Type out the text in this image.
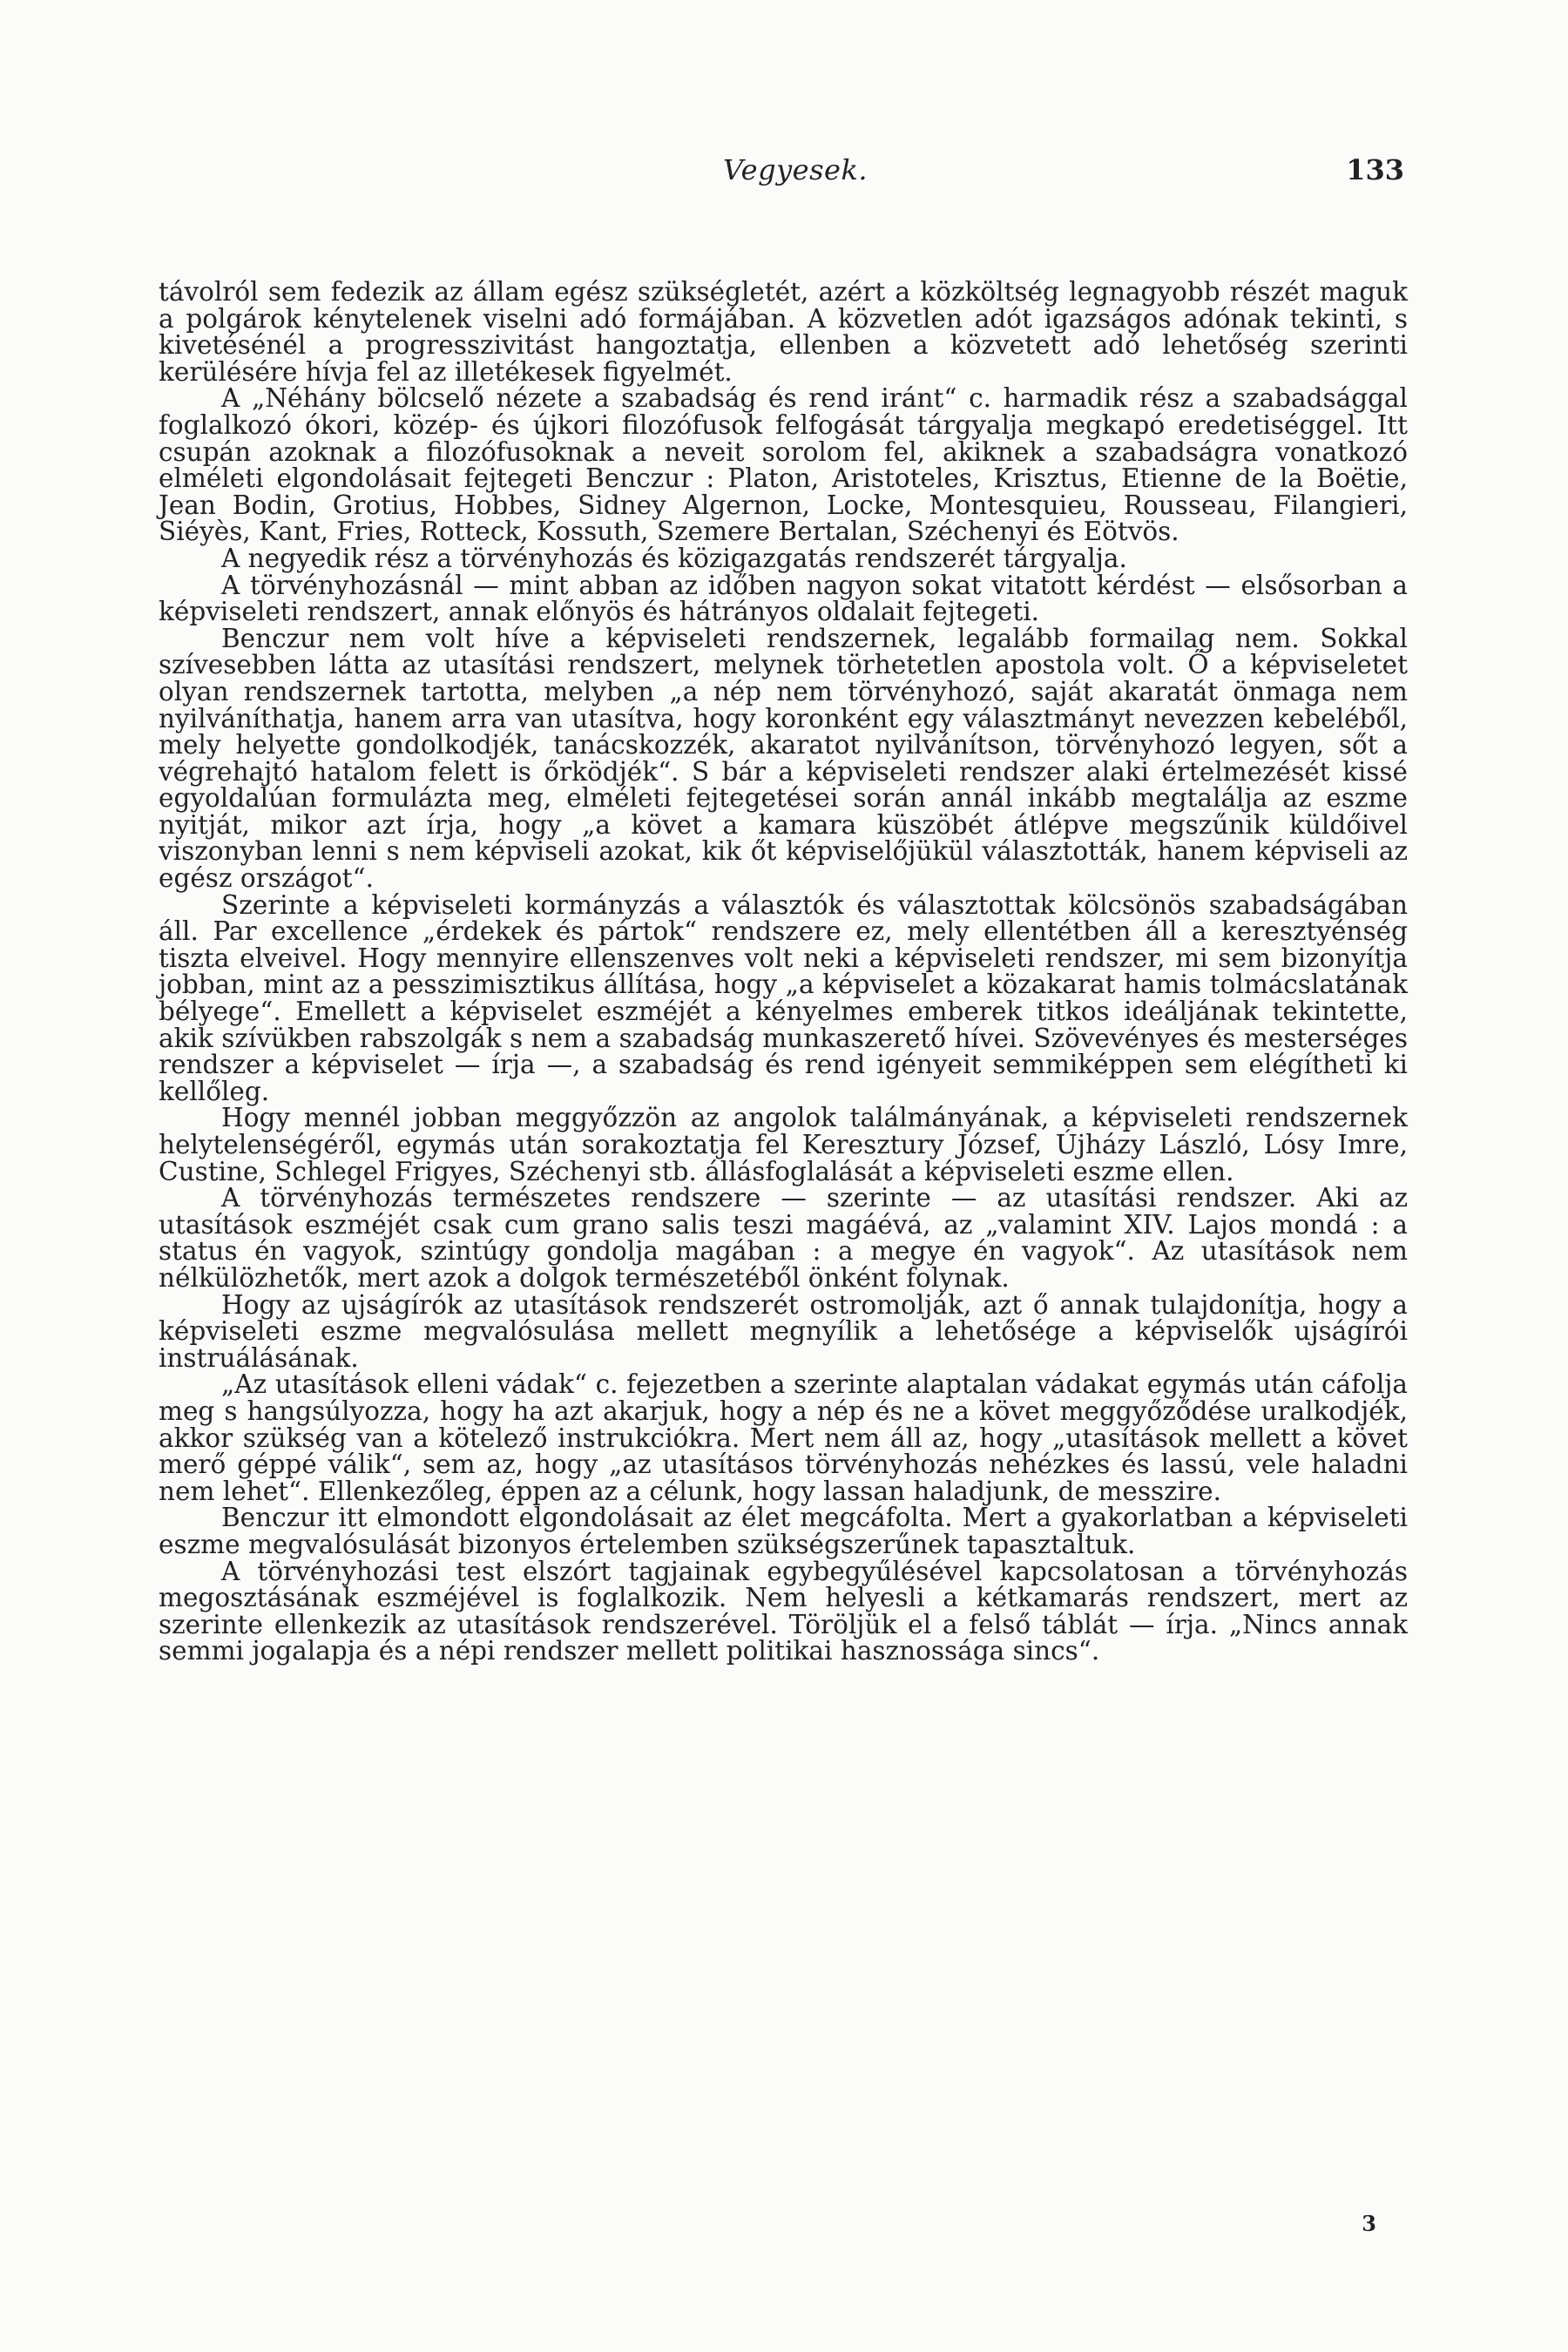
Vegyesek.	133

távolról sem fedezik az állam egész szükségletét, azért a közköltség legnagyobb részét maguk a polgárok kénytelenek viselni adó formájában. A közvetlen adót igazságos adónak tekinti, s kivetésénél a progresszivitást hangoztatja, ellenben a közvetett adó lehetőség szerinti kerülésére hívja fel az illetékesek figyelmét.

A „Néhány bölcselő nézete a szabadság és rend iránt“ c. harmadik rész a szabadsággal foglalkozó ókori, közép- és újkori filozófusok felfogását tárgyalja megkapó eredetiséggel. Itt csupán azoknak a filozófusoknak a neveit sorolom fel, akiknek a szabadságra vonatkozó elméleti elgondolásait fejtegeti Benczur : Platon, Aristoteles, Krisztus, Etienne de la Boëtie, Jean Bodin, Grotius, Hobbes, Sidney Algernon, Locke, Montesquieu, Rousseau, Filangieri, Siéyès, Kant, Fries, Rotteck, Kossuth, Szemere Bertalan, Széchenyi és Eötvös.

A negyedik rész a törvényhozás és közigazgatás rendszerét tárgyalja.

A törvényhozásnál — mint abban az időben nagyon sokat vitatott kérdést — elsősorban a képviseleti rendszert, annak előnyös és hátrányos oldalait fejtegeti.

Benczur nem volt híve a képviseleti rendszernek, legalább formailag nem. Sokkal szívesebben látta az utasítási rendszert, melynek törhetetlen apostola volt. Ő a képviseletet olyan rendszernek tartotta, melyben „a nép nem törvényhozó, saját akaratát önmaga nem nyilváníthatja, hanem arra van utasítva, hogy koronként egy választmányt nevezzen kebeléből, mely helyette gondolkodjék, tanácskozzék, akaratot nyilvánítson, törvényhozó legyen, sőt a végrehajtó hatalom felett is őrködjék“. S bár a képviseleti rendszer alaki értelmezését kissé egyoldalúan formulázta meg, elméleti fejtegetései során annál inkább megtalálja az eszme nyitját, mikor azt írja, hogy „a követ a kamara küszöbét átlépve megszűnik küldőivel viszonyban lenni s nem képviseli azokat, kik őt képviselőjükül választották, hanem képviseli az egész országot“.

Szerinte a képviseleti kormányzás a választók és választottak kölcsönös szabadságában áll. Par excellence „érdekek és pártok“ rendszere ez, mely ellentétben áll a keresztyénség tiszta elveivel. Hogy mennyire ellenszenves volt neki a képviseleti rendszer, mi sem bizonyítja jobban, mint az a pesszimisztikus állítása, hogy „a képviselet a közakarat hamis tolmácslatának bélyege“. Emellett a képviselet eszméjét a kényelmes emberek titkos ideáljának tekintette, akik szívükben rabszolgák s nem a szabadság munkaszerető hívei. Szövevényes és mesterséges rendszer a képviselet — írja —, a szabadság és rend igényeit semmiképpen sem elégítheti ki kellőleg.

Hogy mennél jobban meggyőzzön az angolok találmányának, a képviseleti rendszernek helytelenségéről, egymás után sorakoztatja fel Keresztury József, Újházy László, Lósy Imre, Custine, Schlegel Frigyes, Széchenyi stb. állásfoglalását a képviseleti eszme ellen.

A törvényhozás természetes rendszere — szerinte — az utasítási rendszer. Aki az utasítások eszméjét csak cum grano salis teszi magáévá, az „valamint XIV. Lajos mondá : a status én vagyok, szintúgy gondolja magában : a megye én vagyok“. Az utasítások nem nélkülözhetők, mert azok a dolgok természetéből önként folynak.

Hogy az ujságírók az utasítások rendszerét ostromolják, azt ő annak tulajdonítja, hogy a képviseleti eszme megvalósulása mellett megnyílik a lehetősége a képviselők ujságírói instruálásának.

„Az utasítások elleni vádak“ c. fejezetben a szerinte alaptalan vádakat egymás után cáfolja meg s hangsúlyozza, hogy ha azt akarjuk, hogy a nép és ne a követ meggyőződése uralkodjék, akkor szükség van a kötelező instrukciókra. Mert nem áll az, hogy „utasítások mellett a követ merő géppé válik“, sem az, hogy „az utasításos törvényhozás nehézkes és lassú, vele haladni nem lehet“. Ellenkezőleg, éppen az a célunk, hogy lassan haladjunk, de messzire.

Benczur itt elmondott elgondolásait az élet megcáfolta. Mert a gyakorlatban a képviseleti eszme megvalósulását bizonyos értelemben szükségszerűnek tapasztaltuk.

A törvényhozási test elszórt tagjainak egybegyűlésével kapcsolatosan a törvényhozás megosztásának eszméjével is foglalkozik. Nem helyesli a kétkamarás rendszert, mert az szerinte ellenkezik az utasítások rendszerével. Töröljük el a felső táblát — írja. „Nincs annak semmi jogalapja és a népi rendszer mellett politikai hasznossága sincs“.

3
